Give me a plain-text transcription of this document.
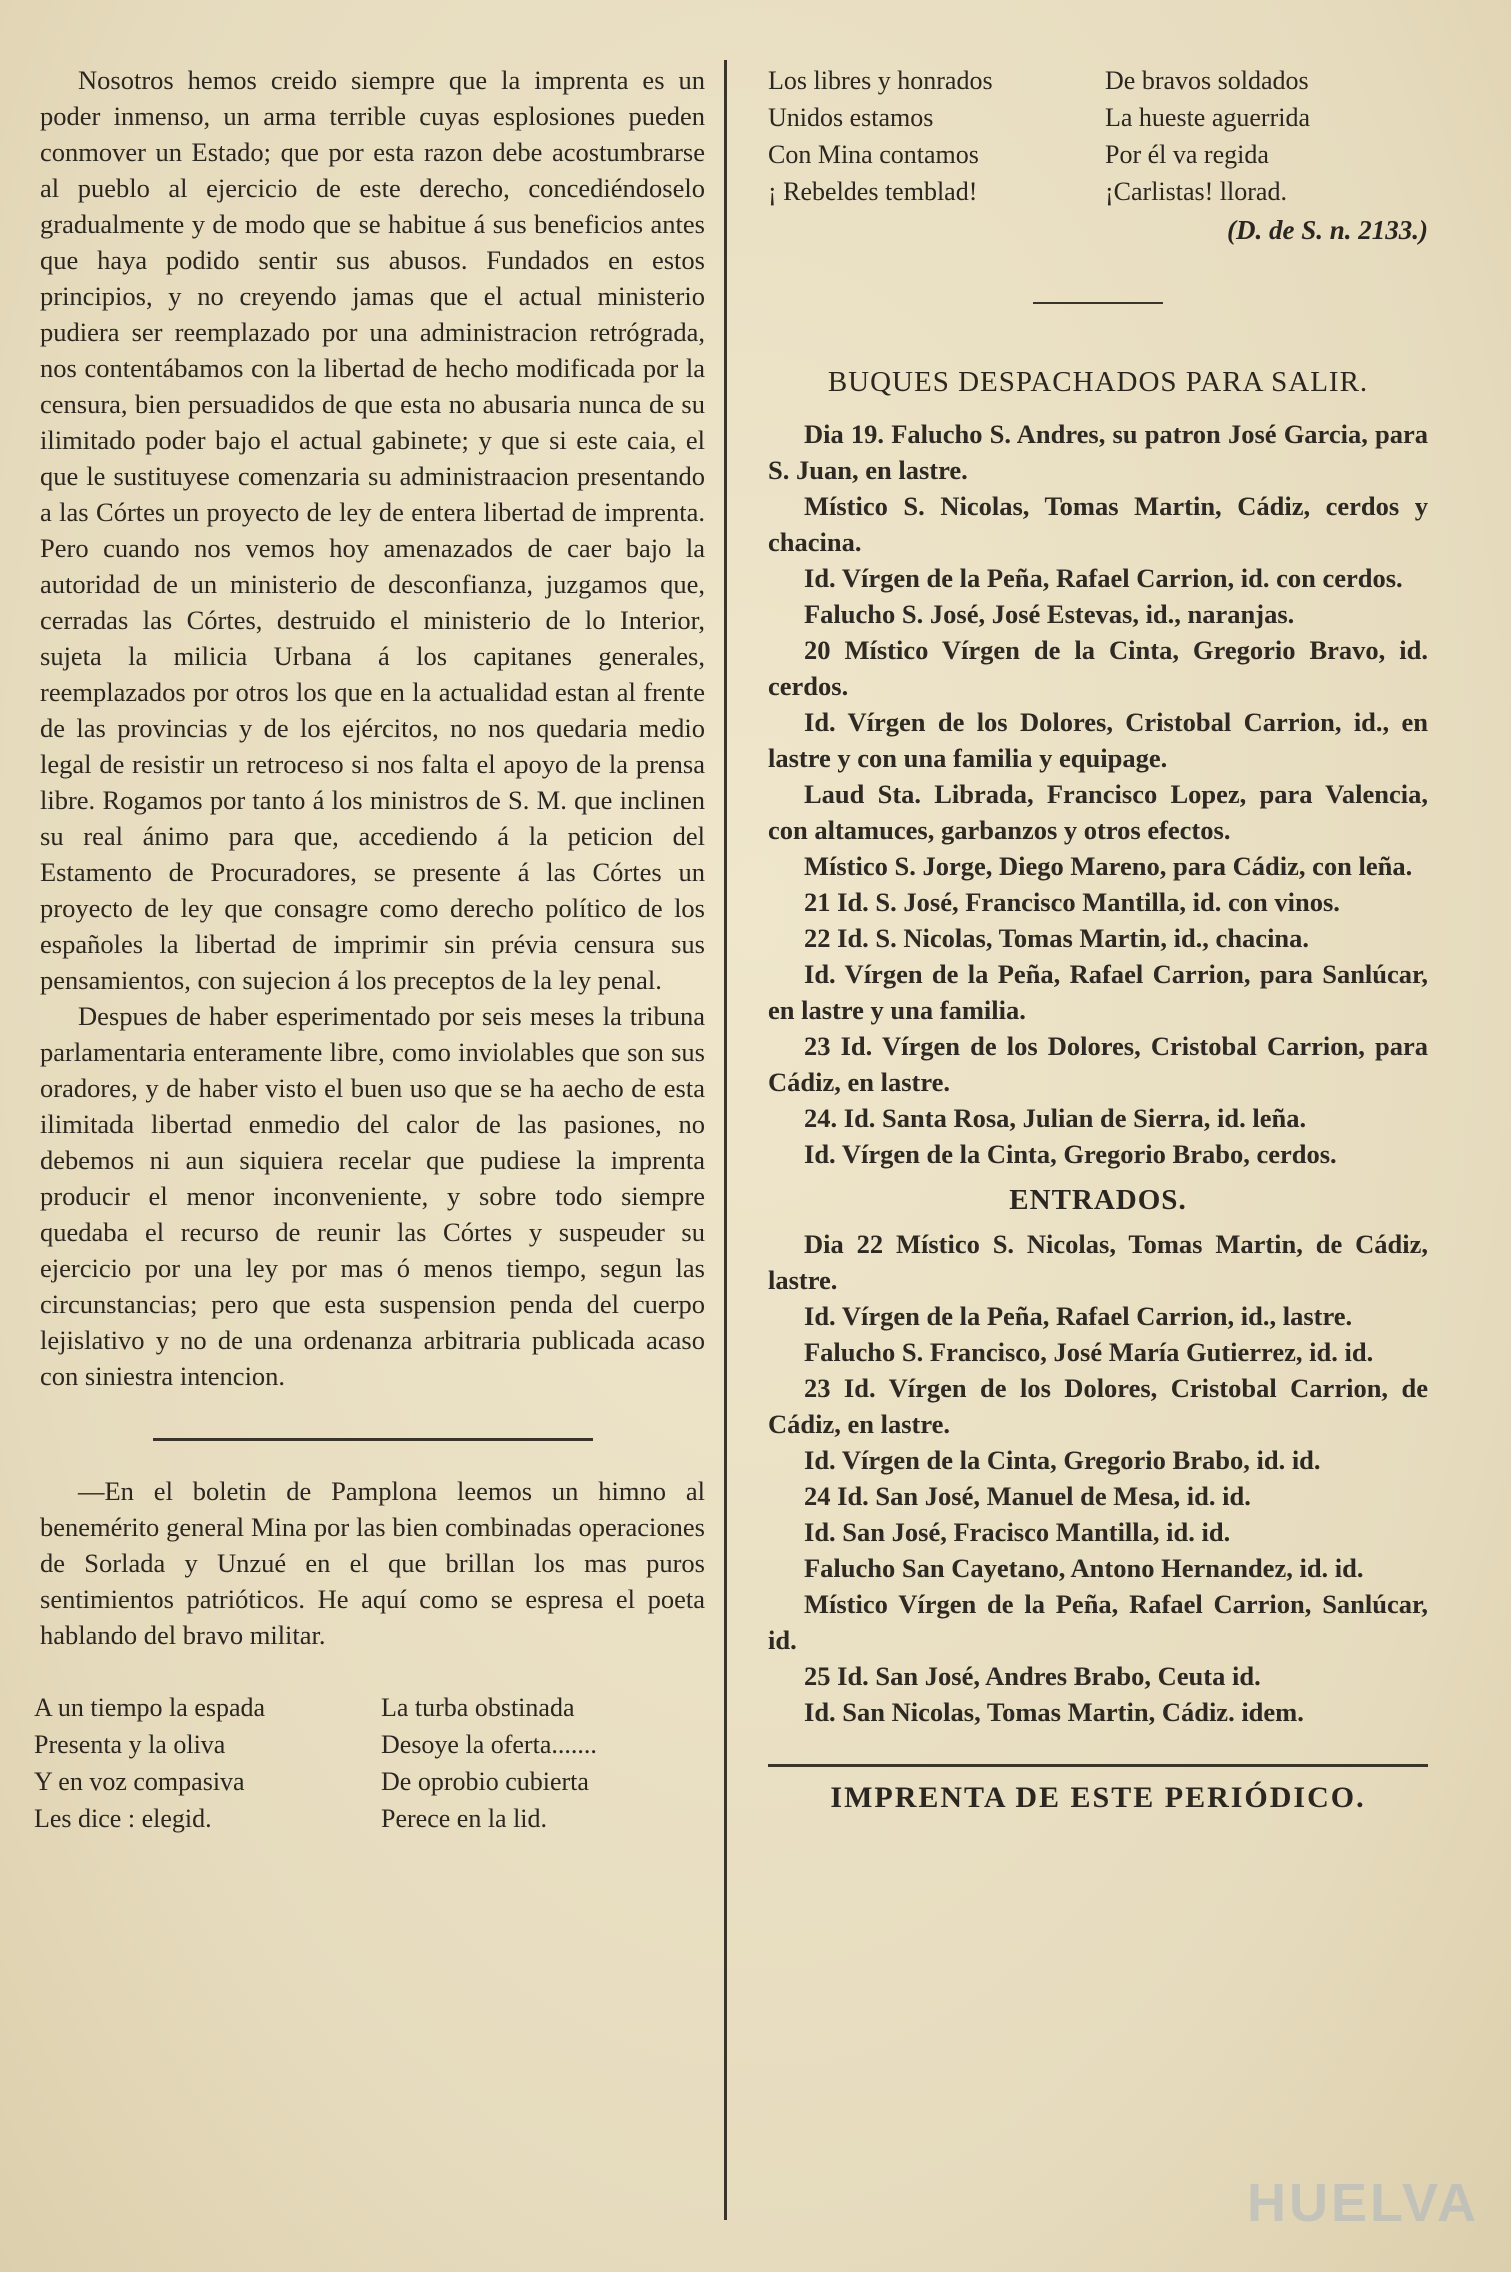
Nosotros hemos creido siempre que la imprenta es un poder inmenso, un arma terrible cuyas esplosiones pueden conmover un Estado; que por esta razon debe acostumbrarse al pueblo al ejercicio de este derecho, concediéndoselo gradualmente y de modo que se habitue á sus beneficios antes que haya podido sentir sus abusos. Fundados en estos principios, y no creyendo jamas que el actual ministerio pudiera ser reemplazado por una administracion retrógrada, nos contentábamos con la libertad de hecho modificada por la censura, bien persuadidos de que esta no abusaria nunca de su ilimitado poder bajo el actual gabinete; y que si este caia, el que le sustituyese comenzaria su administraacion presentando a las Córtes un proyecto de ley de entera libertad de imprenta. Pero cuando nos vemos hoy amenazados de caer bajo la autoridad de un ministerio de desconfianza, juzgamos que, cerradas las Córtes, destruido el ministerio de lo Interior, sujeta la milicia Urbana á los capitanes generales, reemplazados por otros los que en la actualidad estan al frente de las provincias y de los ejércitos, no nos quedaria medio legal de resistir un retroceso si nos falta el apoyo de la prensa libre. Rogamos por tanto á los ministros de S. M. que inclinen su real ánimo para que, accediendo á la peticion del Estamento de Procuradores, se presente á las Córtes un proyecto de ley que consagre como derecho político de los españoles la libertad de imprimir sin prévia censura sus pensamientos, con sujecion á los preceptos de la ley penal.

Despues de haber esperimentado por seis meses la tribuna parlamentaria enteramente libre, como inviolables que son sus oradores, y de haber visto el buen uso que se ha aecho de esta ilimitada libertad enmedio del calor de las pasiones, no debemos ni aun siquiera recelar que pudiese la imprenta producir el menor inconveniente, y sobre todo siempre quedaba el recurso de reunir las Córtes y suspeuder su ejercicio por una ley por mas ó menos tiempo, segun las circunstancias; pero que esta suspension penda del cuerpo lejislativo y no de una ordenanza arbitraria publicada acaso con siniestra intencion.

—En el boletin de Pamplona leemos un himno al benemérito general Mina por las bien combinadas operaciones de Sorlada y Unzué en el que brillan los mas puros sentimientos patrióticos. He aquí como se espresa el poeta hablando del bravo militar.

A un tiempo la espada
Presenta y la oliva
Y en voz compasiva
Les dice : elegid.
La turba obstinada
Desoye la oferta.......
De oprobio cubierta
Perece en la lid.
Los libres y honrados
Unidos estamos
Con Mina contamos
¡ Rebeldes temblad!
De bravos soldados
La hueste aguerrida
Por él va regida
¡Carlistas! llorad.
(D. de S. n. 2133.)
BUQUES DESPACHADOS PARA SALIR.

Dia 19. Falucho S. Andres, su patron José Garcia, para S. Juan, en lastre.

Místico S. Nicolas, Tomas Martin, Cádiz, cerdos y chacina.

Id. Vírgen de la Peña, Rafael Carrion, id. con cerdos.

Falucho S. José, José Estevas, id., naranjas.

20 Místico Vírgen de la Cinta, Gregorio Bravo, id. cerdos.

Id. Vírgen de los Dolores, Cristobal Carrion, id., en lastre y con una familia y equipage.

Laud Sta. Librada, Francisco Lopez, para Valencia, con altamuces, garbanzos y otros efectos.

Místico S. Jorge, Diego Mareno, para Cádiz, con leña.

21 Id. S. José, Francisco Mantilla, id. con vinos.

22 Id. S. Nicolas, Tomas Martin, id., chacina.

Id. Vírgen de la Peña, Rafael Carrion, para Sanlúcar, en lastre y una familia.

23 Id. Vírgen de los Dolores, Cristobal Carrion, para Cádiz, en lastre.

24. Id. Santa Rosa, Julian de Sierra, id. leña.

Id. Vírgen de la Cinta, Gregorio Brabo, cerdos.

ENTRADOS.

Dia 22 Místico S. Nicolas, Tomas Martin, de Cádiz, lastre.

Id. Vírgen de la Peña, Rafael Carrion, id., lastre.

Falucho S. Francisco, José María Gutierrez, id. id.

23 Id. Vírgen de los Dolores, Cristobal Carrion, de Cádiz, en lastre.

Id. Vírgen de la Cinta, Gregorio Brabo, id. id.

24 Id. San José, Manuel de Mesa, id. id.

Id. San José, Fracisco Mantilla, id. id.

Falucho San Cayetano, Antono Hernandez, id. id.

Místico Vírgen de la Peña, Rafael Carrion, Sanlúcar, id.

25 Id. San José, Andres Brabo, Ceuta id.

Id. San Nicolas, Tomas Martin, Cádiz. idem.

IMPRENTA DE ESTE PERIÓDICO.
HUELVA
